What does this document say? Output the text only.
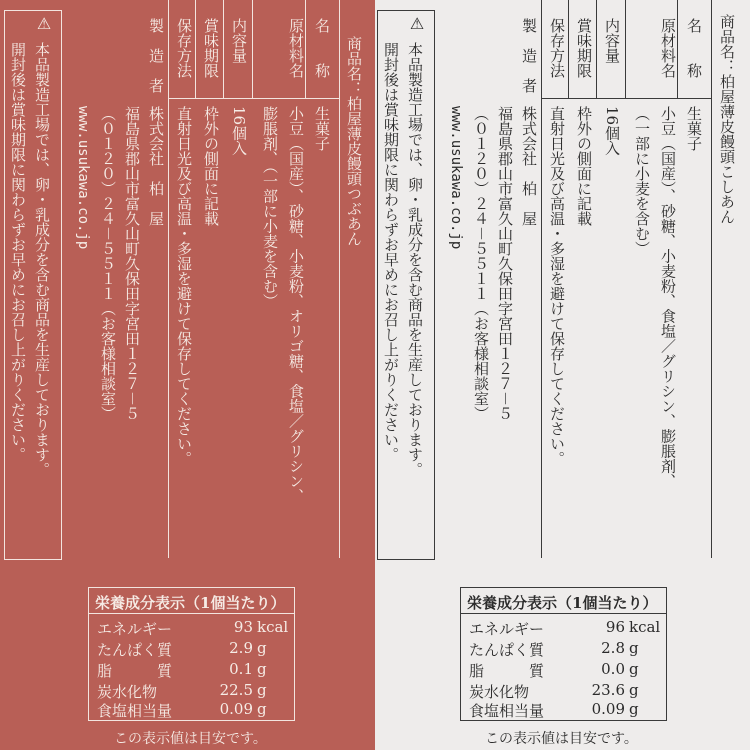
商品名：柏屋薄皮饅頭つぶあん
名　　称
生菓子
原材料名
小豆（国産）、砂糖、小麦粉、オリゴ糖、食塩／グリシン、
膨脹剤、（一部に小麦を含む）
内容量
16個入
賞味期限
枠外の側面に記載
保存方法
直射日光及び高温・多湿を避けて保存してください。
製　造　者
株式会社　柏　屋
福島県郡山市富久山町久保田字宮田１２７－５
（０１２０）２４－５５１１（お客様相談室）
www.usukawa.co.jp
⚠
本品製造工場では、卵・乳成分を含む商品を生産しております。
開封後は賞味期限に関わらずお早めにお召し上がりください。
栄養成分表示（1個当たり）
エネルギー	93 kcal
たんぱく質	2.9 g
脂　　　質	0.1 g
炭水化物	22.5 g
食塩相当量	0.09 g
この表示値は目安です。
商品名：柏屋薄皮饅頭こしあん
名　　称
生菓子
原材料名
小豆（国産）、砂糖、小麦粉、食塩／グリシン、膨脹剤、
（一部に小麦を含む）
内容量
16個入
賞味期限
枠外の側面に記載
保存方法
直射日光及び高温・多湿を避けて保存してください。
製　造　者
株式会社　柏　屋
福島県郡山市富久山町久保田字宮田１２７－５
（０１２０）２４－５５１１（お客様相談室）
www.usukawa.co.jp
⚠
本品製造工場では、卵・乳成分を含む商品を生産しております。
開封後は賞味期限に関わらずお早めにお召し上がりください。
栄養成分表示（1個当たり）
エネルギー	96 kcal
たんぱく質	2.8 g
脂　　　質	0.0 g
炭水化物	23.6 g
食塩相当量	0.09 g
この表示値は目安です。
